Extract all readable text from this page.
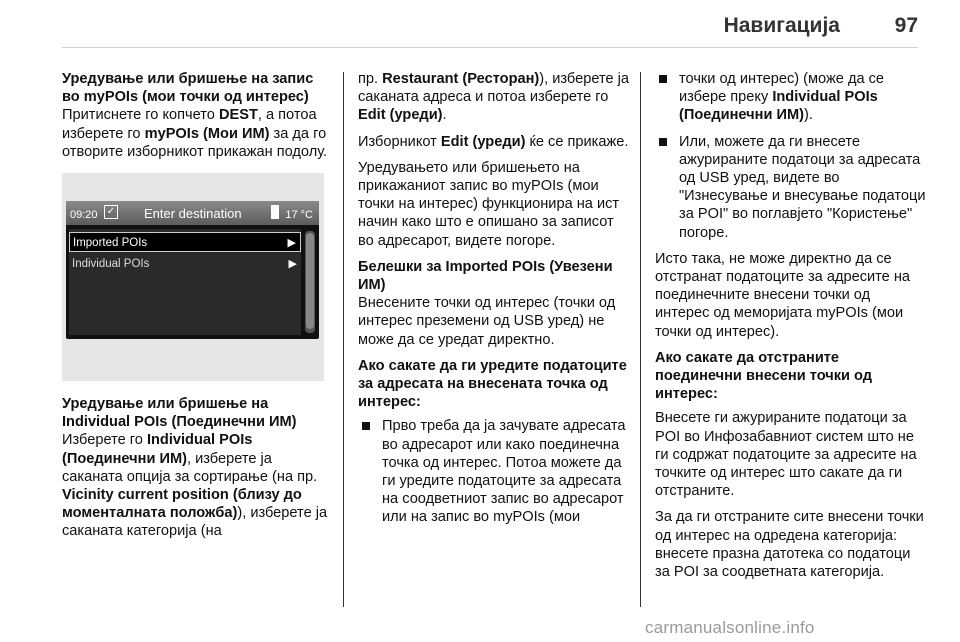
Навигација	97

Уредување или бришење на запис во myPOIs (мои точки од интерес)

Притиснете го копчето DEST, а потоа изберете го myPOIs (Мои ИМ) за да го отворите изборникот прикажан подолу.

09:20 ✓ Enter destination	17 °C
Imported POIs	▶
Individual POIs	▶

Уредување или бришење на Individual POIs (Поединечни ИМ)

Изберете го Individual POIs (Поединечни ИМ), изберете ја саканата опција за сортирање (на пр. Vicinity current position (близу до моменталната положба)), изберете ја саканата категорија (на

пр. Restaurant (Ресторан)), изберете ја саканата адреса и потоа изберете го Edit (уреди).

Изборникот Edit (уреди) ќе се прикаже.

Уредувањето или бришењето на прикажаниот запис во myPOIs (мои точки на интерес) функционира на ист начин како што е опишано за записот во адресарот, видете погоре.

Белешки за Imported POIs (Увезени ИМ)

Внесените точки од интерес (точки од интерес преземени од USB уред) не може да се уредат директно.

Ако сакате да ги уредите податоците за адресата на внесената точка од интерес:

Прво треба да ја зачувате адресата во адресарот или како поединечна точка од интерес. Потоа можете да ги уредите податоците за адресата на соодветниот запис во адресарот или на запис во myPOIs (мои
точки од интерес) (може да се избере преку Individual POIs (Поединечни ИМ)).
Или, можете да ги внесете ажурираните податоци за адресата од USB уред, видете во "Изнесување и внесување податоци за POI" во поглавјето "Користење" погоре.

Исто така, не може директно да се отстранат податоците за адресите на поединечните внесени точки од интерес од меморијата myPOIs (мои точки од интерес).

Ако сакате да отстраните поединечни внесени точки од интерес:

Внесете ги ажурираните податоци за POI во Инфозабавниот систем што не ги содржат податоците за адресите на точките од интерес што сакате да ги отстраните.

За да ги отстраните сите внесени точки од интерес на одредена категорија: внесете празна датотека со податоци за POI за соодветната категорија.

carmanualsonline.info
